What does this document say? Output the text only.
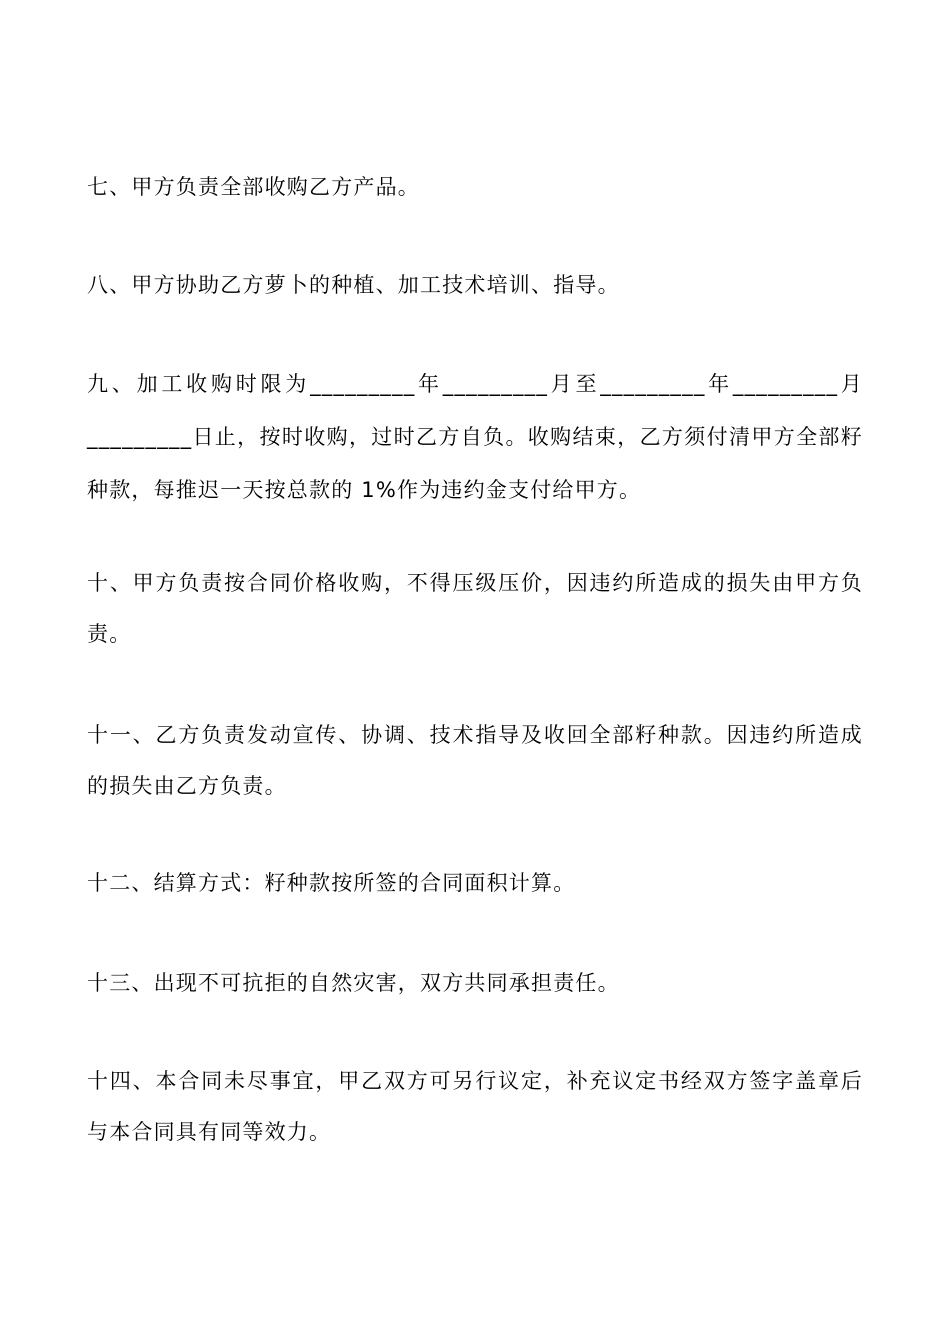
七、甲方负责全部收购乙方产品。

八、甲方协助乙方萝卜的种植、加工技术培训、指导。

九、加工收购时限为_________年_________月至_________年_________月_________日止，按时收购，过时乙方自负。收购结束，乙方须付清甲方全部籽种款，每推迟一天按总款的 1%作为违约金支付给甲方。

十、甲方负责按合同价格收购，不得压级压价，因违约所造成的损失由甲方负责。

十一、乙方负责发动宣传、协调、技术指导及收回全部籽种款。因违约所造成的损失由乙方负责。

十二、结算方式：籽种款按所签的合同面积计算。

十三、出现不可抗拒的自然灾害，双方共同承担责任。

十四、本合同未尽事宜，甲乙双方可另行议定，补充议定书经双方签字盖章后与本合同具有同等效力。
